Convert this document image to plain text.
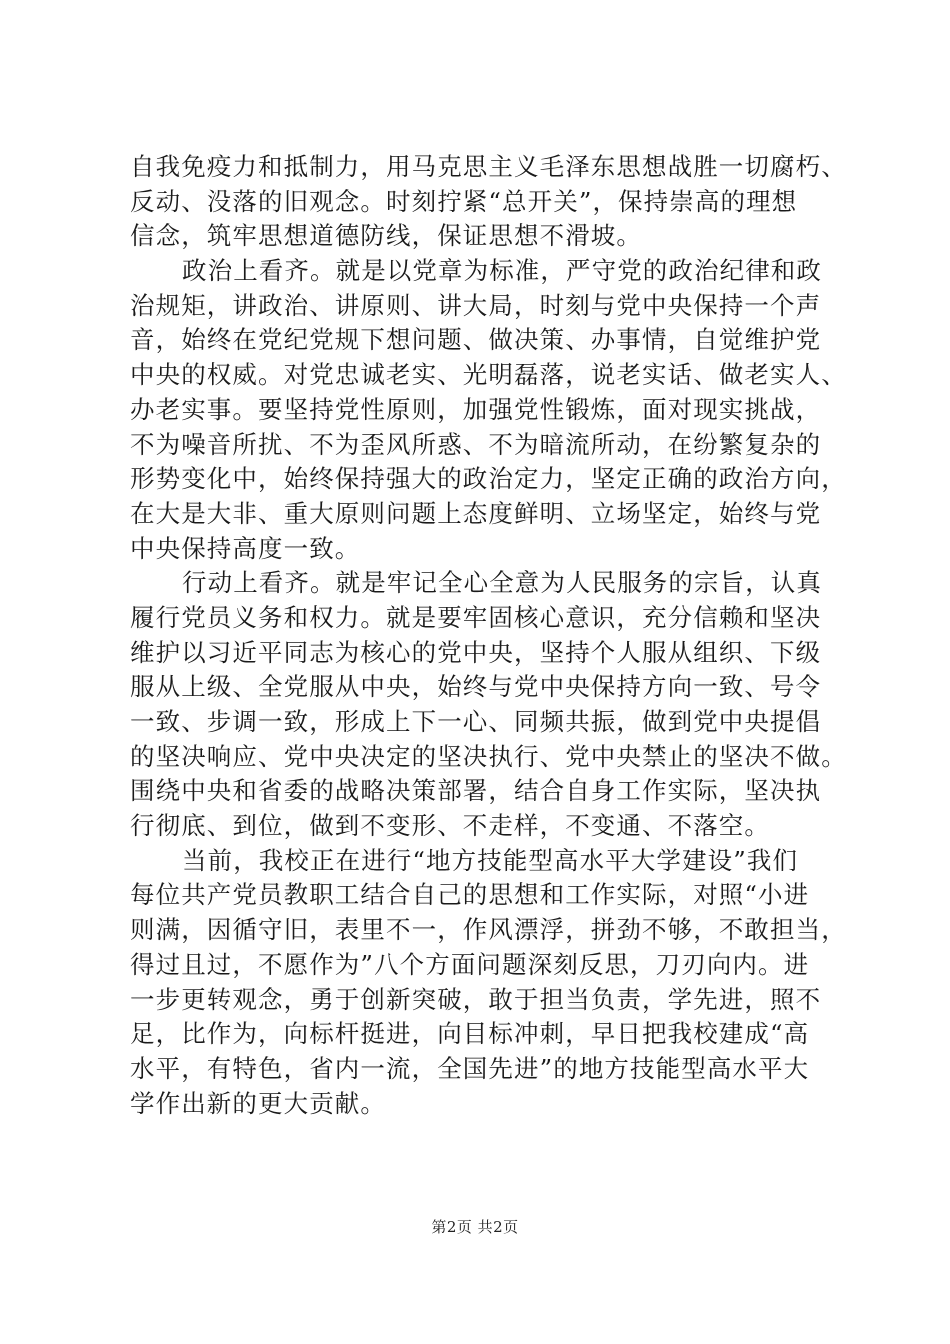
自我免疫力和抵制力，用马克思主义毛泽东思想战胜一切腐朽、
反动、没落的旧观念。时刻拧紧“总开关”，保持崇高的理想
信念，筑牢思想道德防线，保证思想不滑坡。
政治上看齐。就是以党章为标准，严守党的政治纪律和政
治规矩，讲政治、讲原则、讲大局，时刻与党中央保持一个声
音，始终在党纪党规下想问题、做决策、办事情，自觉维护党
中央的权威。对党忠诚老实、光明磊落，说老实话、做老实人、
办老实事。要坚持党性原则，加强党性锻炼，面对现实挑战，
不为噪音所扰、不为歪风所惑、不为暗流所动，在纷繁复杂的
形势变化中，始终保持强大的政治定力，坚定正确的政治方向，
在大是大非、重大原则问题上态度鲜明、立场坚定，始终与党
中央保持高度一致。
行动上看齐。就是牢记全心全意为人民服务的宗旨，认真
履行党员义务和权力。就是要牢固核心意识，充分信赖和坚决
维护以习近平同志为核心的党中央，坚持个人服从组织、下级
服从上级、全党服从中央，始终与党中央保持方向一致、号令
一致、步调一致，形成上下一心、同频共振，做到党中央提倡
的坚决响应、党中央决定的坚决执行、党中央禁止的坚决不做。
围绕中央和省委的战略决策部署，结合自身工作实际，坚决执
行彻底、到位，做到不变形、不走样，不变通、不落空。
当前，我校正在进行“地方技能型高水平大学建设”我们
每位共产党员教职工结合自己的思想和工作实际，对照“小进
则满，因循守旧，表里不一，作风漂浮，拼劲不够，不敢担当，
得过且过，不愿作为”八个方面问题深刻反思，刀刃向内。进
一步更转观念，勇于创新突破，敢于担当负责，学先进，照不
足，比作为，向标杆挺进，向目标冲刺，早日把我校建成“高
水平，有特色，省内一流，全国先进”的地方技能型高水平大
学作出新的更大贡献。
第2页 共2页
